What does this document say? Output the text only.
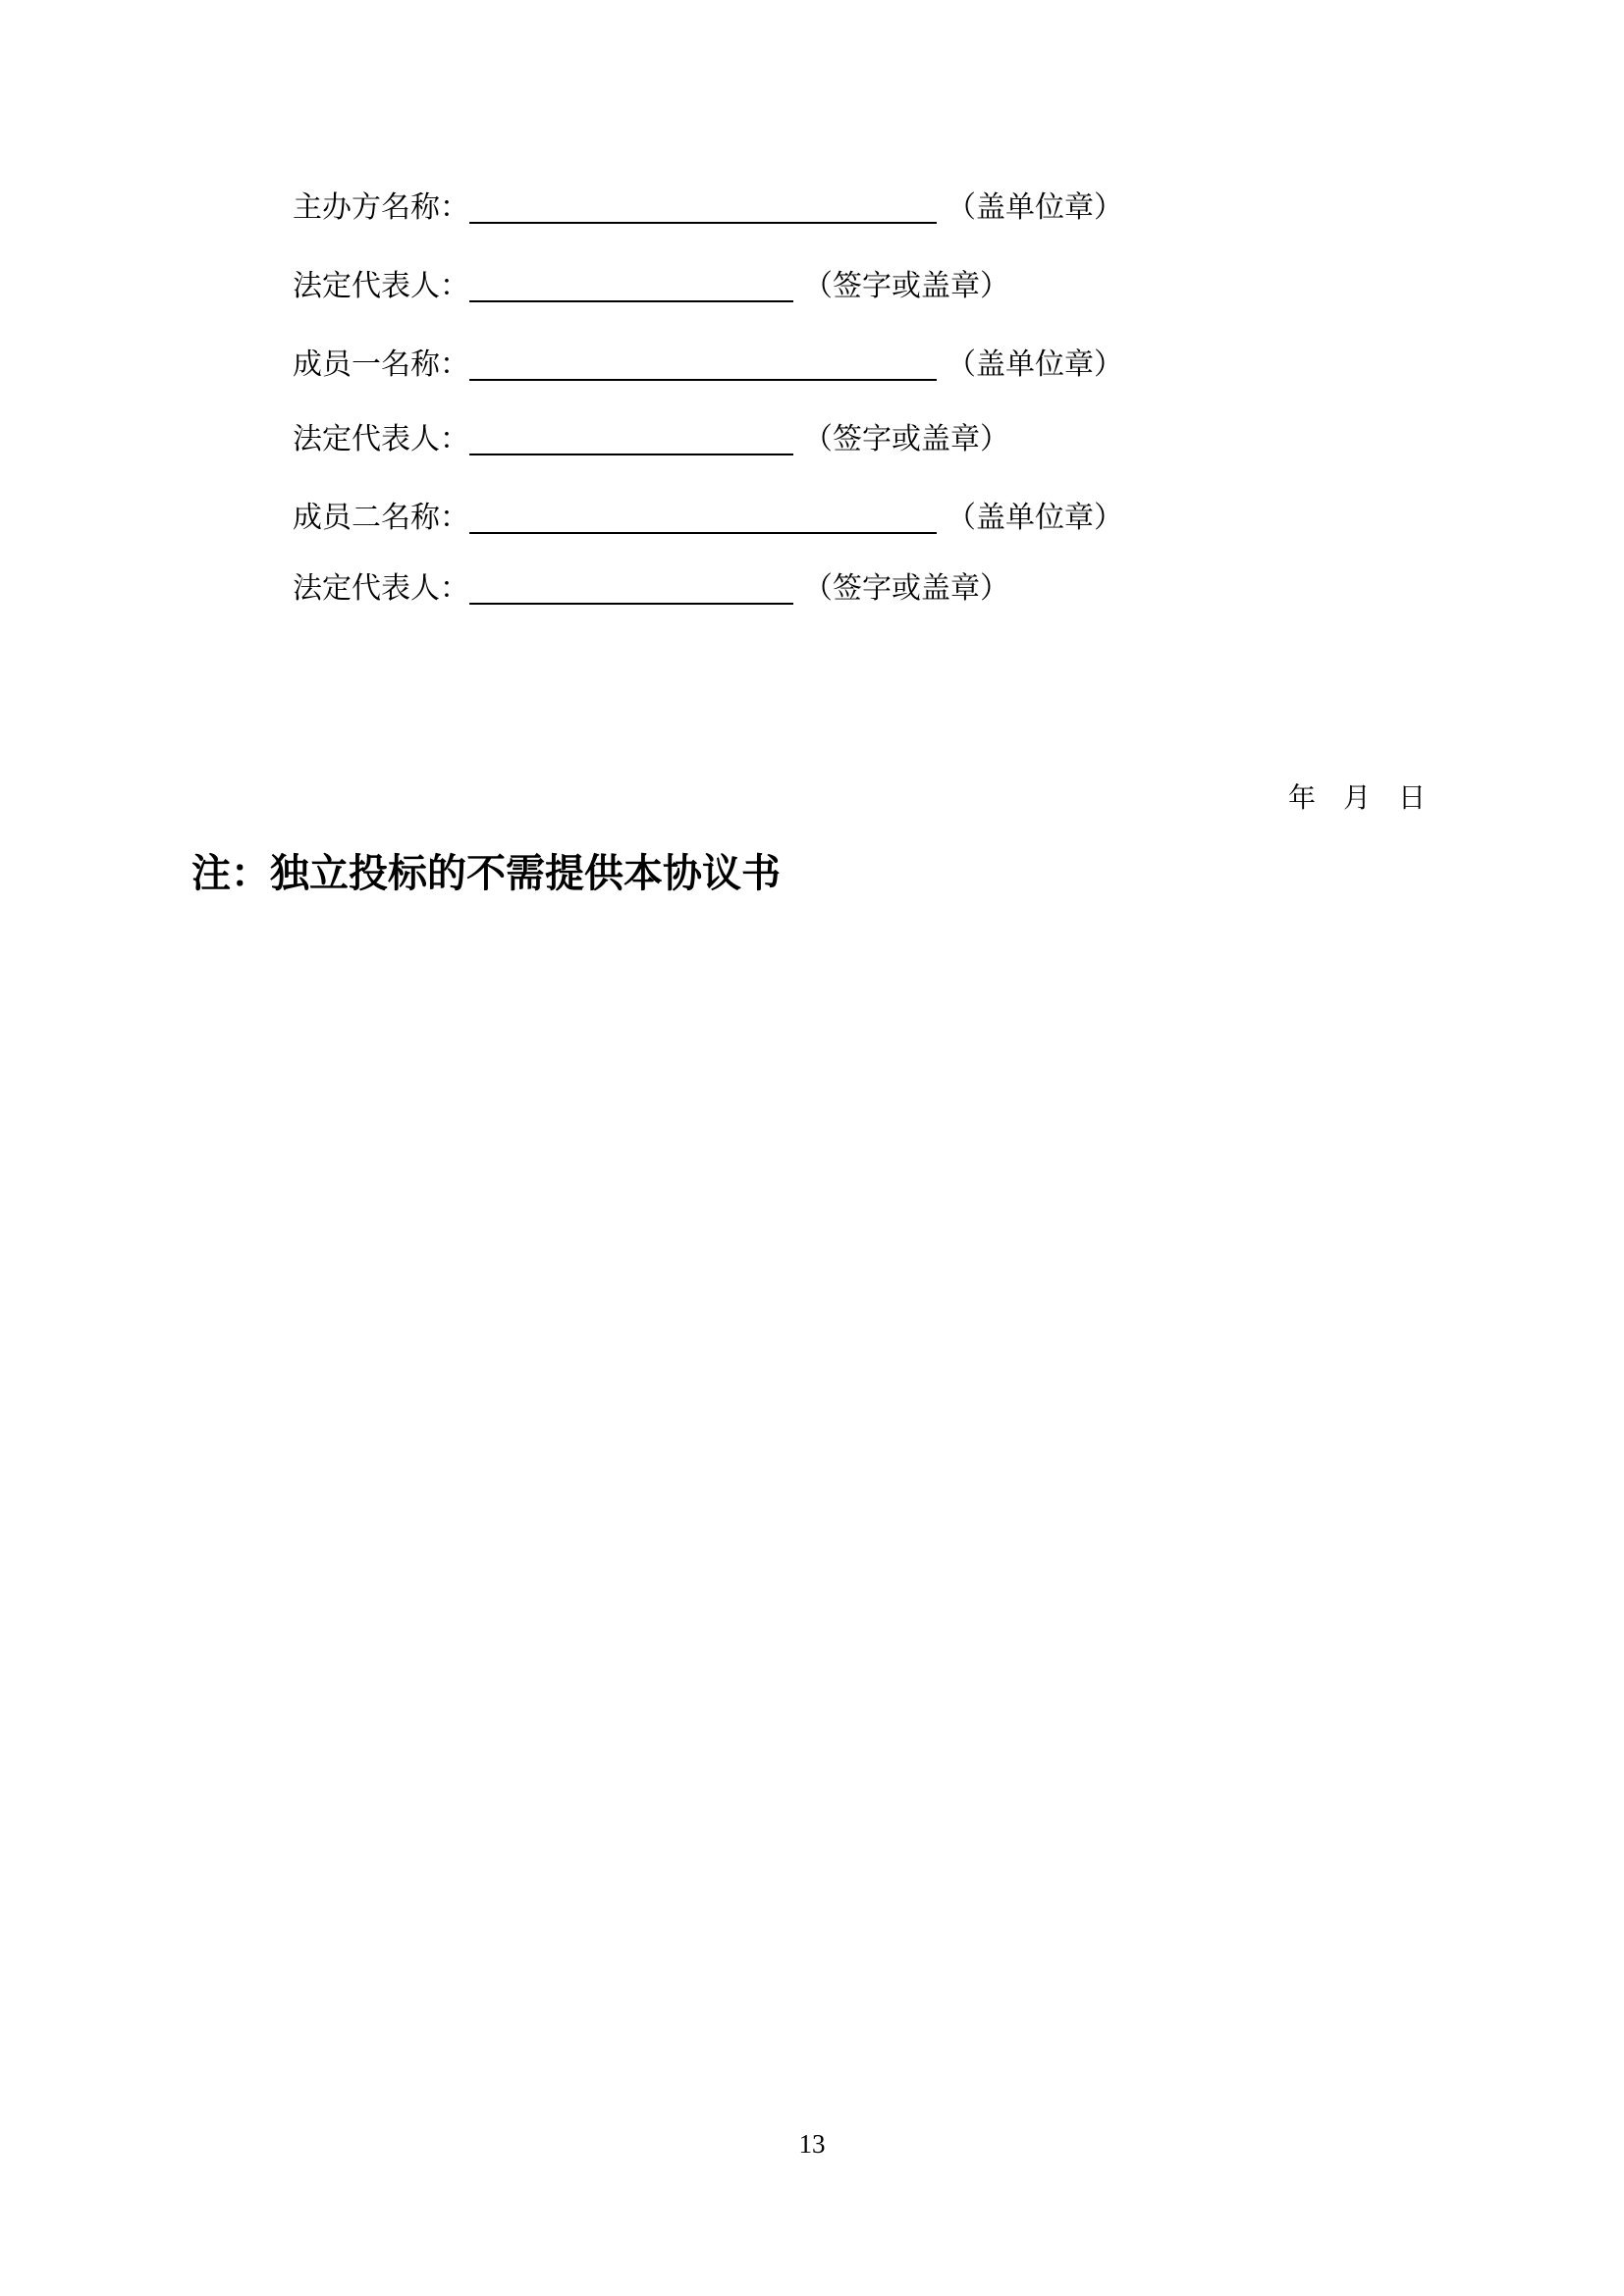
主办方名称：	（盖单位章）
法定代表人：	（签字或盖章）
成员一名称：	（盖单位章）
法定代表人：	（签字或盖章）
成员二名称：	（盖单位章）
法定代表人：	（签字或盖章）
年　月　日
注：独立投标的不需提供本协议书
13
